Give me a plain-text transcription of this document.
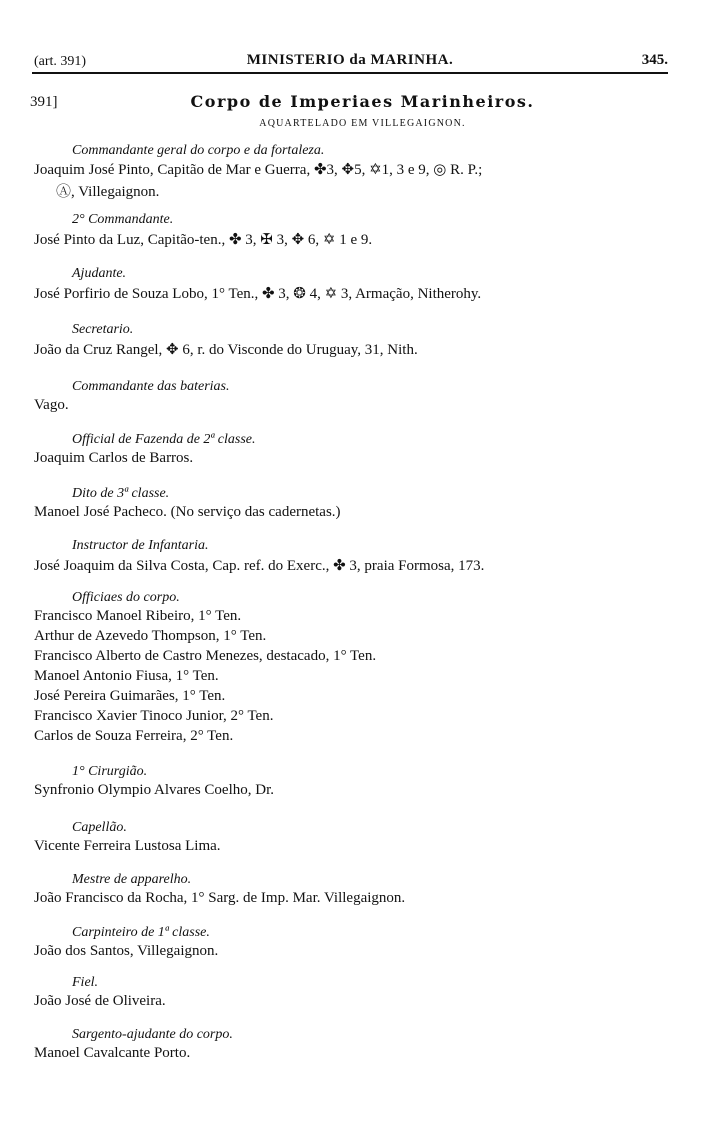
(art. 391)	MINISTERIO da MARINHA.	345.
391]	Corpo de Imperiaes Marinheiros.
AQUARTELADO EM VILLEGAIGNON.
Commandante geral do corpo e da fortaleza.
Joaquim José Pinto, Capitão de Mar e Guerra, ✤3, ✥5, ✡1, 3 e 9, ◎ R. P.;
Ⓐ, Villegaignon.
2° Commandante.
José Pinto da Luz, Capitão-ten., ✤ 3, ✠ 3, ✥ 6, ✡ 1 e 9.
Ajudante.
José Porfirio de Souza Lobo, 1° Ten., ✤ 3, ❂ 4, ✡ 3, Armação, Nitherohy.
Secretario.
João da Cruz Rangel, ✥ 6, r. do Visconde do Uruguay, 31, Nith.
Commandante das baterias.
Vago.
Official de Fazenda de 2ª classe.
Joaquim Carlos de Barros.
Dito de 3ª classe.
Manoel José Pacheco. (No serviço das cadernetas.)
Instructor de Infantaria.
José Joaquim da Silva Costa, Cap. ref. do Exerc., ✤ 3, praia Formosa, 173.
Officiaes do corpo.
Francisco Manoel Ribeiro, 1° Ten.
Arthur de Azevedo Thompson, 1° Ten.
Francisco Alberto de Castro Menezes, destacado, 1° Ten.
Manoel Antonio Fiusa, 1° Ten.
José Pereira Guimarães, 1° Ten.
Francisco Xavier Tinoco Junior, 2° Ten.
Carlos de Souza Ferreira, 2° Ten.
1° Cirurgião.
Synfronio Olympio Alvares Coelho, Dr.
Capellão.
Vicente Ferreira Lustosa Lima.
Mestre de apparelho.
João Francisco da Rocha, 1° Sarg. de Imp. Mar. Villegaignon.
Carpinteiro de 1ª classe.
João dos Santos, Villegaignon.
Fiel.
João José de Oliveira.
Sargento-ajudante do corpo.
Manoel Cavalcante Porto.
